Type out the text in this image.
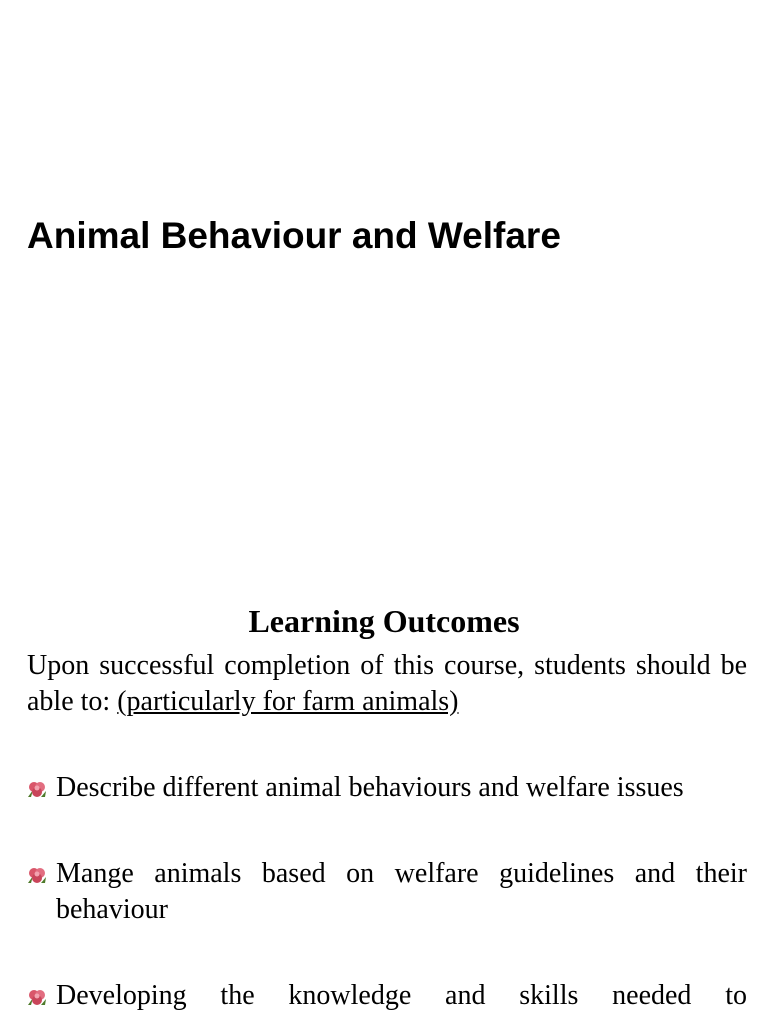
Animal Behaviour and Welfare
Learning Outcomes
Upon successful completion of this course, students should be able to: (particularly for farm animals)
Describe different animal behaviours and welfare issues
Mange animals based on welfare guidelines and their behaviour
Developing the knowledge and skills needed to
